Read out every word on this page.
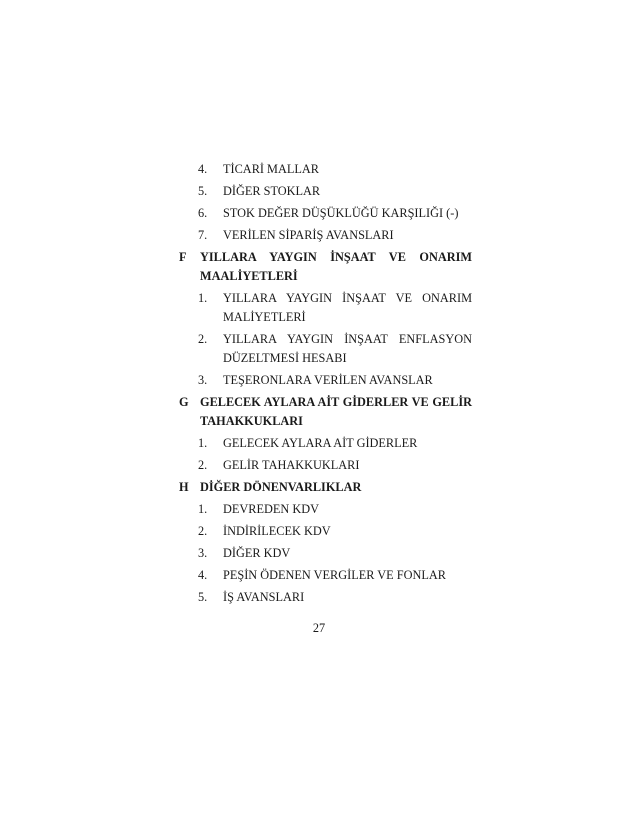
4. TİCARİ MALLAR
5. DİĞER STOKLAR
6. STOK DEĞER DÜŞÜKLÜĞÜ KARŞILIĞI (-)
7. VERİLEN SİPARİŞ AVANSLARI
F YILLARA YAYGIN İNŞAAT VE ONARIM MAALİYETLERİ
1. YILLARA YAYGIN İNŞAAT VE ONARIM MALİYETLERİ
2. YILLARA YAYGIN İNŞAAT ENFLASYON DÜZELTMESİ HESABI
3. TEŞERONLARA VERİLEN AVANSLAR
G GELECEK AYLARA AİT GİDERLER VE GELİR TAHAKKUKLARI
1. GELECEK AYLARA AİT GİDERLER
2. GELİR TAHAKKUKLARI
H DİĞER DÖNENVARLIKLAR
1. DEVREDEN KDV
2. İNDİRİLECEK KDV
3. DİĞER KDV
4. PEŞİN ÖDENEN VERGİLER VE FONLAR
5. İŞ AVANSLARI
27
